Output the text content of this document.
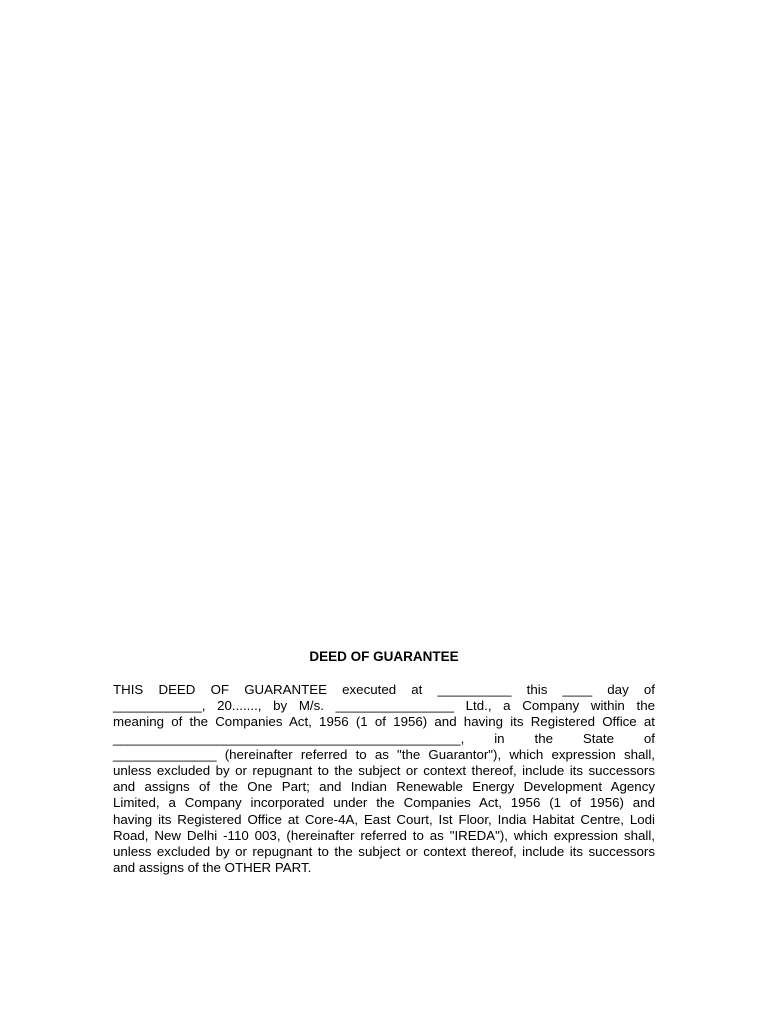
DEED OF GUARANTEE

THIS DEED OF GUARANTEE executed at __________ this ____ day of
____________, 20......., by M/s. ________________ Ltd., a Company within the
meaning of the Companies Act, 1956 (1 of 1956) and having its Registered Office at
_______________________________________________, in the State of
______________ (hereinafter referred to as "the Guarantor"), which expression shall,
unless excluded by or repugnant to the subject or context thereof, include its successors
and assigns of the One Part; and Indian Renewable Energy Development Agency
Limited, a Company incorporated under the Companies Act, 1956 (1 of 1956) and
having its Registered Office at Core-4A, East Court, Ist Floor, India Habitat Centre, Lodi
Road, New Delhi -110 003, (hereinafter referred to as "IREDA"), which expression shall,
unless excluded by or repugnant to the subject or context thereof, include its successors
and assigns of the OTHER PART.
